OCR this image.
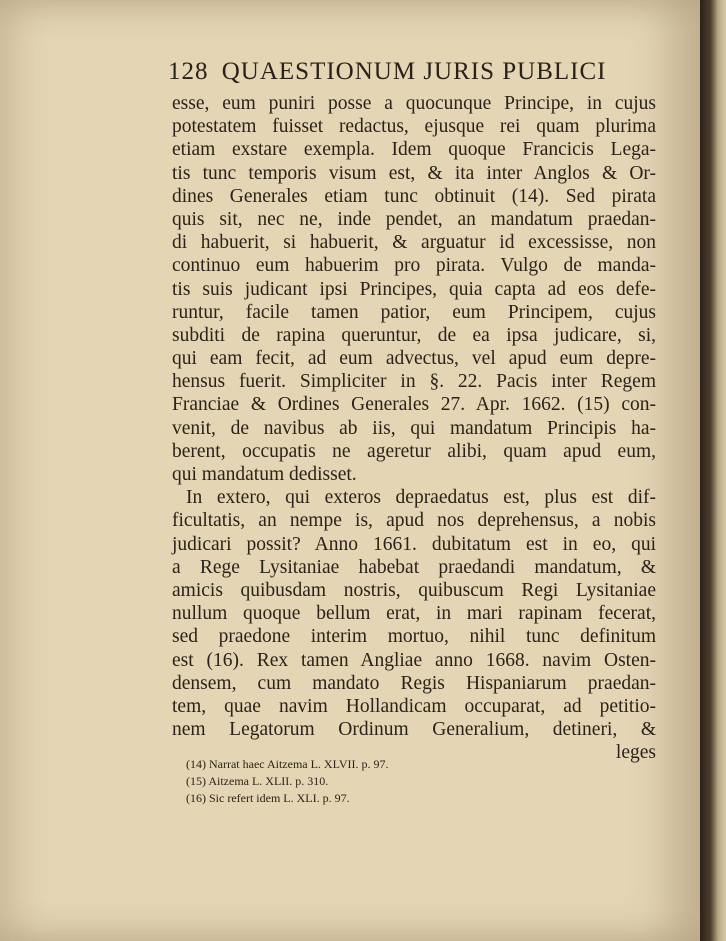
128 QUAESTIONUM JURIS PUBLICI
esse, eum puniri posse a quocunque Principe, in cujus
potestatem fuisset redactus, ejusque rei quam plurima
etiam exstare exempla. Idem quoque Francicis Lega-
tis tunc temporis visum est, & ita inter Anglos & Or-
dines Generales etiam tunc obtinuit (14). Sed pirata
quis sit, nec ne, inde pendet, an mandatum praedan-
di habuerit, si habuerit, & arguatur id excessisse, non
continuo eum habuerim pro pirata. Vulgo de manda-
tis suis judicant ipsi Principes, quia capta ad eos defe-
runtur, facile tamen patior, eum Principem, cujus
subditi de rapina queruntur, de ea ipsa judicare, si,
qui eam fecit, ad eum advectus, vel apud eum depre-
hensus fuerit. Simpliciter in §. 22. Pacis inter Regem
Franciae & Ordines Generales 27. Apr. 1662. (15) con-
venit, de navibus ab iis, qui mandatum Principis ha-
berent, occupatis ne ageretur alibi, quam apud eum,
qui mandatum dedisset.
In extero, qui exteros depraedatus est, plus est dif-
ficultatis, an nempe is, apud nos deprehensus, a nobis
judicari possit? Anno 1661. dubitatum est in eo, qui
a Rege Lysitaniae habebat praedandi mandatum, &
amicis quibusdam nostris, quibuscum Regi Lysitaniae
nullum quoque bellum erat, in mari rapinam fecerat,
sed praedone interim mortuo, nihil tunc definitum
est (16). Rex tamen Angliae anno 1668. navim Osten-
densem, cum mandato Regis Hispaniarum praedan-
tem, quae navim Hollandicam occuparat, ad petitio-
nem Legatorum Ordinum Generalium, detineri, &
leges
(14) Narrat haec Aitzema L. XLVII. p. 97.
(15) Aitzema L. XLII. p. 310.
(16) Sic refert idem L. XLI. p. 97.
